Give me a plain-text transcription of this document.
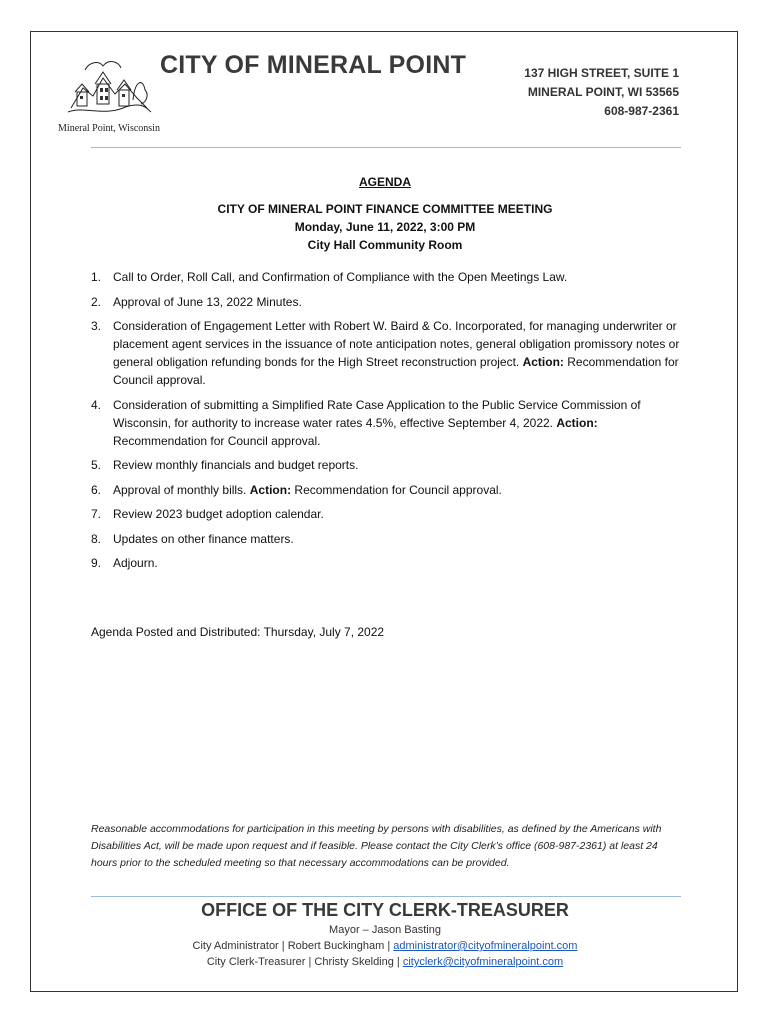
Mineral Point, Wisconsin
CITY OF MINERAL POINT	137 HIGH STREET, SUITE 1
MINERAL POINT, WI 53565
608-987-2361
AGENDA
CITY OF MINERAL POINT FINANCE COMMITTEE MEETING
Monday, June 11, 2022, 3:00 PM
City Hall Community Room
1. Call to Order, Roll Call, and Confirmation of Compliance with the Open Meetings Law.
2. Approval of June 13, 2022 Minutes.
3. Consideration of Engagement Letter with Robert W. Baird & Co. Incorporated, for managing underwriter or placement agent services in the issuance of note anticipation notes, general obligation promissory notes or general obligation refunding bonds for the High Street reconstruction project. Action: Recommendation for Council approval.
4. Consideration of submitting a Simplified Rate Case Application to the Public Service Commission of Wisconsin, for authority to increase water rates 4.5%, effective September 4, 2022. Action: Recommendation for Council approval.
5. Review monthly financials and budget reports.
6. Approval of monthly bills. Action: Recommendation for Council approval.
7. Review 2023 budget adoption calendar.
8. Updates on other finance matters.
9. Adjourn.
Agenda Posted and Distributed: Thursday, July 7, 2022
Reasonable accommodations for participation in this meeting by persons with disabilities, as defined by the Americans with Disabilities Act, will be made upon request and if feasible. Please contact the City Clerk’s office (608-987-2361) at least 24 hours prior to the scheduled meeting so that necessary accommodations can be provided.
OFFICE OF THE CITY CLERK-TREASURER
Mayor – Jason Basting
City Administrator | Robert Buckingham | administrator@cityofmineralpoint.com
City Clerk-Treasurer | Christy Skelding | cityclerk@cityofmineralpoint.com
